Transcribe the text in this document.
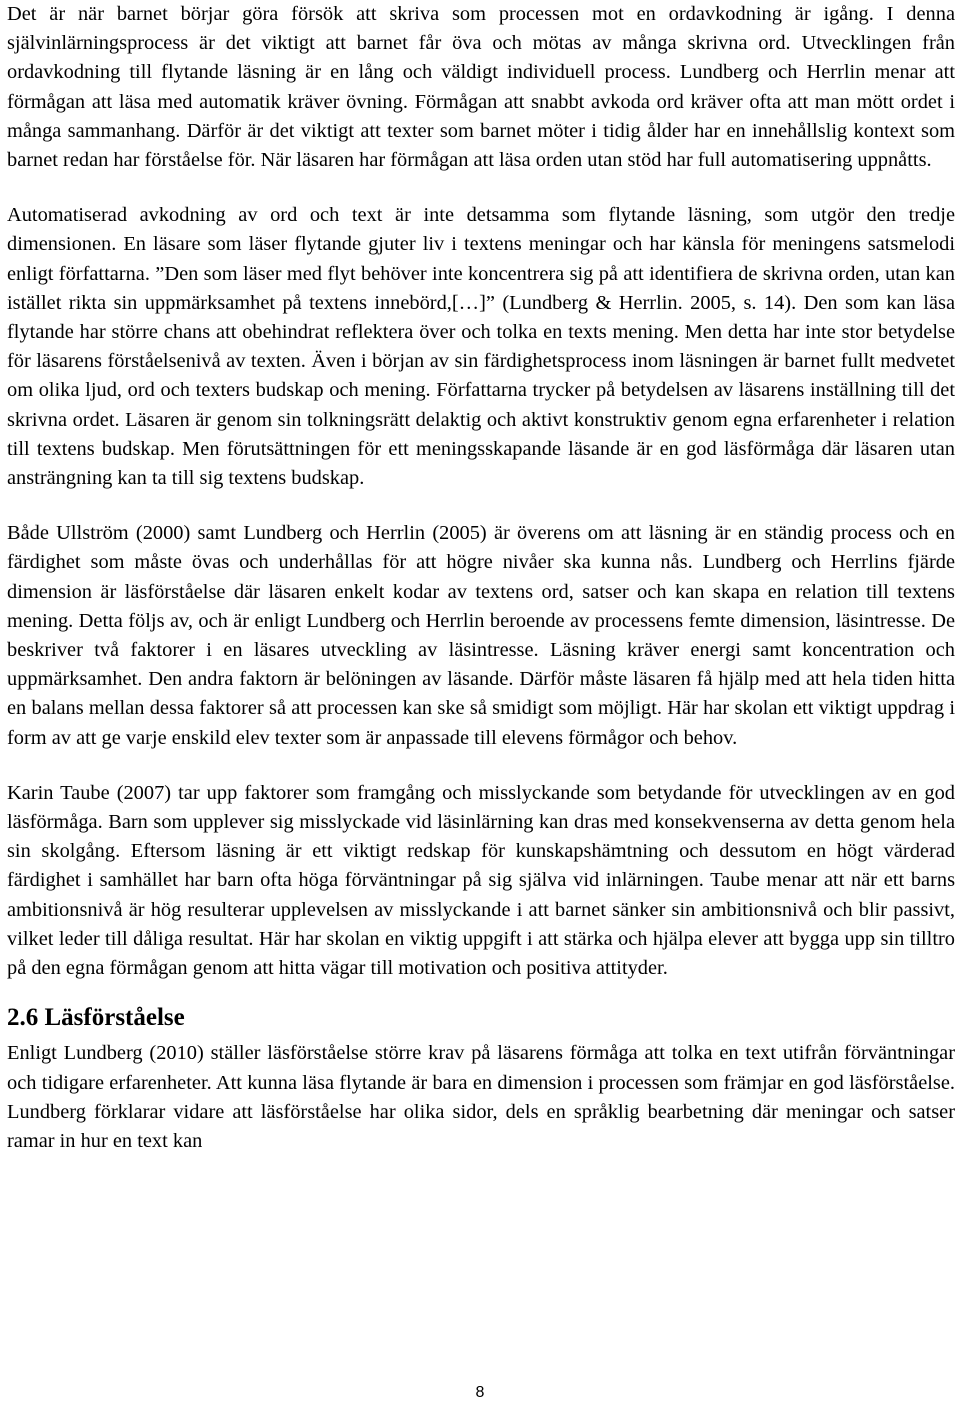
Det är när barnet börjar göra försök att skriva som processen mot en ordavkodning är igång. I denna självinlärningsprocess är det viktigt att barnet får öva och mötas av många skrivna ord. Utvecklingen från ordavkodning till flytande läsning är en lång och väldigt individuell process. Lundberg och Herrlin menar att förmågan att läsa med automatik kräver övning. Förmågan att snabbt avkoda ord kräver ofta att man mött ordet i många sammanhang. Därför är det viktigt att texter som barnet möter i tidig ålder har en innehållslig kontext som barnet redan har förståelse för. När läsaren har förmågan att läsa orden utan stöd har full automatisering uppnåtts.

Automatiserad avkodning av ord och text är inte detsamma som flytande läsning, som utgör den tredje dimensionen. En läsare som läser flytande gjuter liv i textens meningar och har känsla för meningens satsmelodi enligt författarna. ”Den som läser med flyt behöver inte koncentrera sig på att identifiera de skrivna orden, utan kan istället rikta sin uppmärksamhet på textens innebörd,[…]” (Lundberg & Herrlin. 2005, s. 14). Den som kan läsa flytande har större chans att obehindrat reflektera över och tolka en texts mening. Men detta har inte stor betydelse för läsarens förståelsenivå av texten. Även i början av sin färdighetsprocess inom läsningen är barnet fullt medvetet om olika ljud, ord och texters budskap och mening. Författarna trycker på betydelsen av läsarens inställning till det skrivna ordet. Läsaren är genom sin tolkningsrätt delaktig och aktivt konstruktiv genom egna erfarenheter i relation till textens budskap. Men förutsättningen för ett meningsskapande läsande är en god läsförmåga där läsaren utan ansträngning kan ta till sig textens budskap.

Både Ullström (2000) samt Lundberg och Herrlin (2005) är överens om att läsning är en ständig process och en färdighet som måste övas och underhållas för att högre nivåer ska kunna nås. Lundberg och Herrlins fjärde dimension är läsförståelse där läsaren enkelt kodar av textens ord, satser och kan skapa en relation till textens mening. Detta följs av, och är enligt Lundberg och Herrlin beroende av processens femte dimension, läsintresse. De beskriver två faktorer i en läsares utveckling av läsintresse. Läsning kräver energi samt koncentration och uppmärksamhet. Den andra faktorn är belöningen av läsande. Därför måste läsaren få hjälp med att hela tiden hitta en balans mellan dessa faktorer så att processen kan ske så smidigt som möjligt. Här har skolan ett viktigt uppdrag i form av att ge varje enskild elev texter som är anpassade till elevens förmågor och behov.

Karin Taube (2007) tar upp faktorer som framgång och misslyckande som betydande för utvecklingen av en god läsförmåga. Barn som upplever sig misslyckade vid läsinlärning kan dras med konsekvenserna av detta genom hela sin skolgång. Eftersom läsning är ett viktigt redskap för kunskapshämtning och dessutom en högt värderad färdighet i samhället har barn ofta höga förväntningar på sig själva vid inlärningen. Taube menar att när ett barns ambitionsnivå är hög resulterar upplevelsen av misslyckande i att barnet sänker sin ambitionsnivå och blir passivt, vilket leder till dåliga resultat. Här har skolan en viktig uppgift i att stärka och hjälpa elever att bygga upp sin tilltro på den egna förmågan genom att hitta vägar till motivation och positiva attityder.

2.6 Läsförståelse

Enligt Lundberg (2010) ställer läsförståelse större krav på läsarens förmåga att tolka en text utifrån förväntningar och tidigare erfarenheter. Att kunna läsa flytande är bara en dimension i processen som främjar en god läsförståelse. Lundberg förklarar vidare att läsförståelse har olika sidor, dels en språklig bearbetning där meningar och satser ramar in hur en text kan

8
